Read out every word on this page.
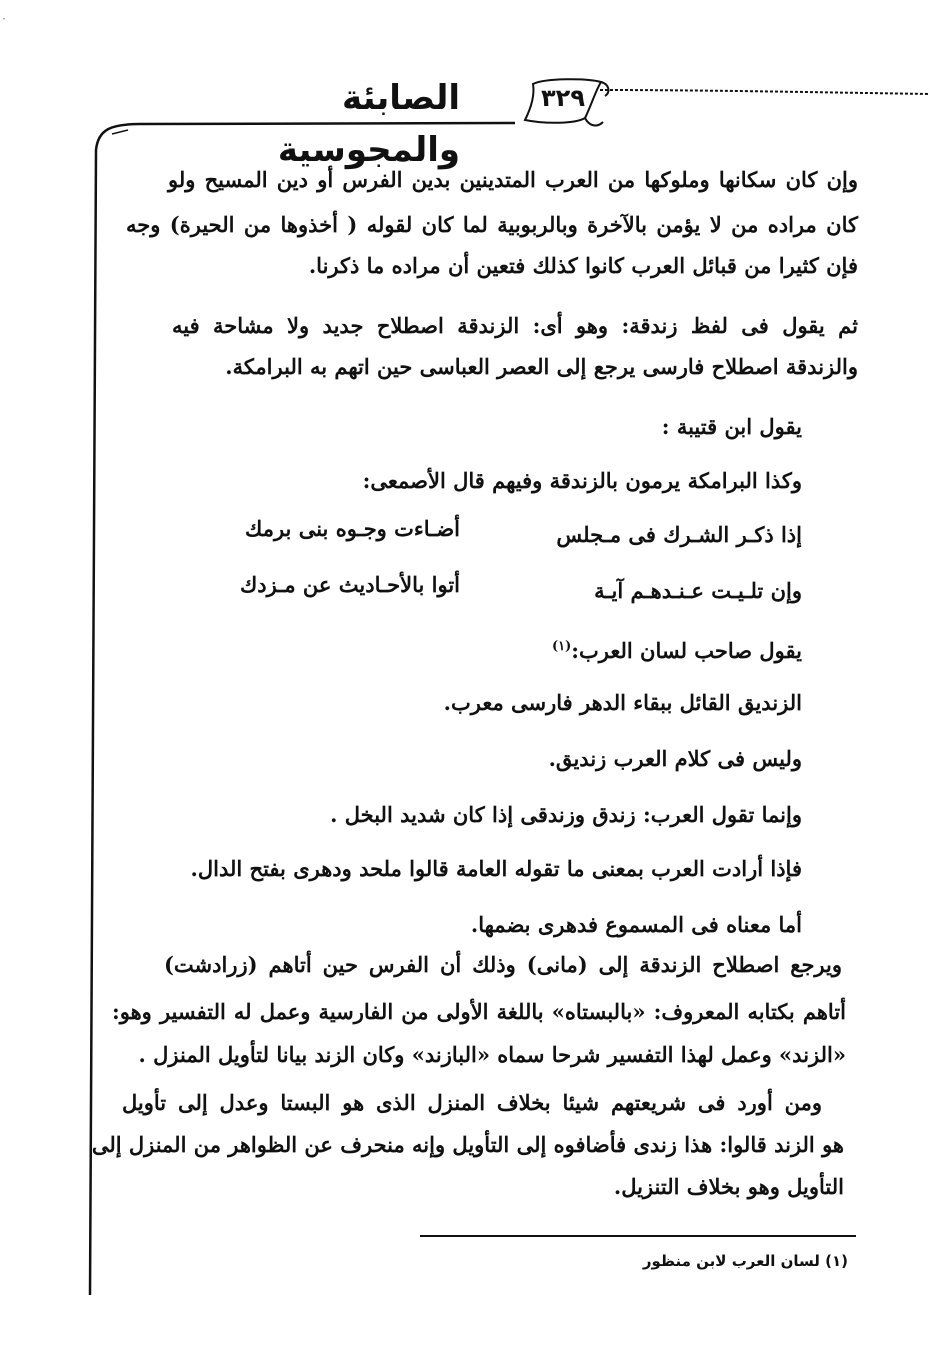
·
الصابئة والمجوسية
٣٢٩
وإن كان سكانها وملوكها من العرب المتدينين بدين الفرس أو دين المسيح ولو
كان مراده من لا يؤمن بالآخرة وبالربوبية لما كان لقوله ( أخذوها من الحيرة) وجه
فإن كثيرا من قبائل العرب كانوا كذلك فتعين أن مراده ما ذكرنا.
ثم يقول فى لفظ زندقة: وهو أى: الزندقة اصطلاح جديد ولا مشاحة فيه
والزندقة اصطلاح فارسى يرجع إلى العصر العباسى حين اتهم به البرامكة.
يقول ابن قتيبة :
وكذا البرامكة يرمون بالزندقة وفيهم قال الأصمعى:
إذا ذكـر الشـرك فى مـجلس
أضـاءت وجـوه بنى برمك
وإن تلـيـت عـنـدهـم آيـة
أتوا بالأحـاديث عن مـزدك
يقول صاحب لسان العرب:$^{(١)}$
الزنديق القائل ببقاء الدهر فارسى معرب.
وليس فى كلام العرب زنديق.
وإنما تقول العرب: زندق وزندقى إذا كان شديد البخل .
فإذا أرادت العرب بمعنى ما تقوله العامة قالوا ملحد ودهرى بفتح الدال.
أما معناه فى المسموع فدهرى بضمها.
ويرجع اصطلاح الزندقة إلى (مانى) وذلك أن الفرس حين أتاهم (زرادشت)
أتاهم بكتابه المعروف: «بالبستاه» باللغة الأولى من الفارسية وعمل له التفسير وهو:
«الزند» وعمل لهذا التفسير شرحا سماه «البازند» وكان الزند بيانا لتأويل المنزل .
ومن أورد فى شريعتهم شيئا بخلاف المنزل الذى هو البستا وعدل إلى تأويل
هو الزند قالوا: هذا زندى فأضافوه إلى التأويل وإنه منحرف عن الظواهر من المنزل إلى
التأويل وهو بخلاف التنزيل.
(١) لسان العرب لابن منظور
